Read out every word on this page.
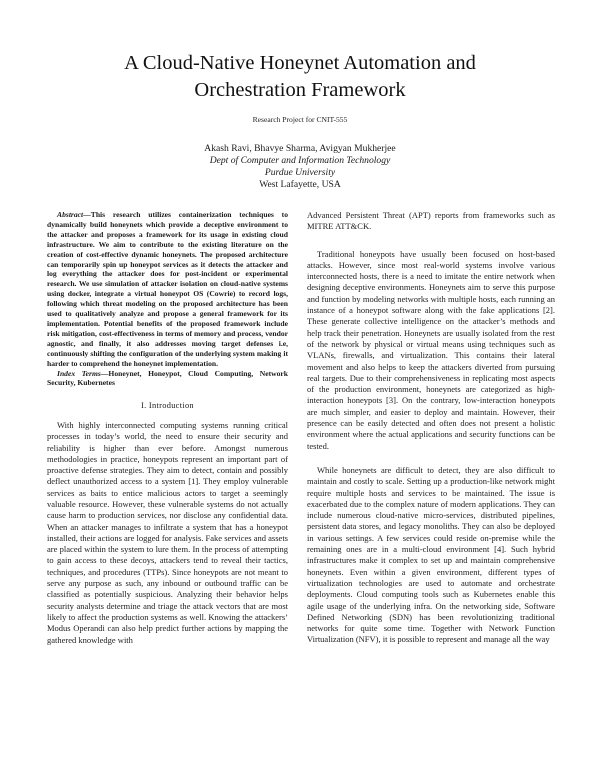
A Cloud-Native Honeynet Automation and
Orchestration Framework
Research Project for CNIT-555
Akash Ravi, Bhavye Sharma, Avigyan Mukherjee
Dept of Computer and Information Technology
Purdue University
West Lafayette, USA

Abstract—This research utilizes containerization techniques to dynamically build honeynets which provide a deceptive environment to the attacker and proposes a framework for its usage in existing cloud infrastructure. We aim to contribute to the existing literature on the creation of cost-effective dynamic honeynets. The proposed architecture can temporarily spin up honeypot services as it detects the attacker and log everything the attacker does for post-incident or experimental research. We use simulation of attacker isolation on cloud-native systems using docker, integrate a virtual honeypot OS (Cowrie) to record logs, following which threat modeling on the proposed architecture has been used to qualitatively analyze and propose a general framework for its implementation. Potential benefits of the proposed framework include risk mitigation, cost-effectiveness in terms of memory and process, vendor agnostic, and finally, it also addresses moving target defenses i.e, continuously shifting the configuration of the underlying system making it harder to comprehend the honeynet implementation.

Index Terms—Honeynet, Honeypot, Cloud Computing, Network Security, Kubernetes

I. Introduction

With highly interconnected computing systems running critical processes in today’s world, the need to ensure their security and reliability is higher than ever before. Amongst numerous methodologies in practice, honeypots represent an important part of proactive defense strategies. They aim to detect, contain and possibly deflect unauthorized access to a system [1]. They employ vulnerable services as baits to entice malicious actors to target a seemingly valuable resource. However, these vulnerable systems do not actually cause harm to production services, nor disclose any confidential data. When an attacker manages to infiltrate a system that has a honeypot installed, their actions are logged for analysis. Fake services and assets are placed within the system to lure them. In the process of attempting to gain access to these decoys, attackers tend to reveal their tactics, techniques, and procedures (TTPs). Since honeypots are not meant to serve any purpose as such, any inbound or outbound traffic can be classified as potentially suspicious. Analyzing their behavior helps security analysts determine and triage the attack vectors that are most likely to affect the production systems as well. Knowing the attackers’ Modus Operandi can also help predict further actions by mapping the gathered knowledge with

Advanced Persistent Threat (APT) reports from frameworks such as MITRE ATT&CK.

Traditional honeypots have usually been focused on host-based attacks. However, since most real-world systems involve various interconnected hosts, there is a need to imitate the entire network when designing deceptive environments. Honeynets aim to serve this purpose and function by modeling networks with multiple hosts, each running an instance of a honeypot software along with the fake applications [2]. These generate collective intelligence on the attacker’s methods and help track their penetration. Honeynets are usually isolated from the rest of the network by physical or virtual means using techniques such as VLANs, firewalls, and virtualization. This contains their lateral movement and also helps to keep the attackers diverted from pursuing real targets. Due to their comprehensiveness in replicating most aspects of the production environment, honeynets are categorized as high-interaction honeypots [3]. On the contrary, low-interaction honeypots are much simpler, and easier to deploy and maintain. However, their presence can be easily detected and often does not present a holistic environment where the actual applications and security functions can be tested.

While honeynets are difficult to detect, they are also difficult to maintain and costly to scale. Setting up a production-like network might require multiple hosts and services to be maintained. The issue is exacerbated due to the complex nature of modern applications. They can include numerous cloud-native micro-services, distributed pipelines, persistent data stores, and legacy monoliths. They can also be deployed in various settings. A few services could reside on-premise while the remaining ones are in a multi-cloud environment [4]. Such hybrid infrastructures make it complex to set up and maintain comprehensive honeynets. Even within a given environment, different types of virtualization technologies are used to automate and orchestrate deployments. Cloud computing tools such as Kubernetes enable this agile usage of the underlying infra. On the networking side, Software Defined Networking (SDN) has been revolutionizing traditional networks for quite some time. Together with Network Function Virtualization (NFV), it is possible to represent and manage all the way
